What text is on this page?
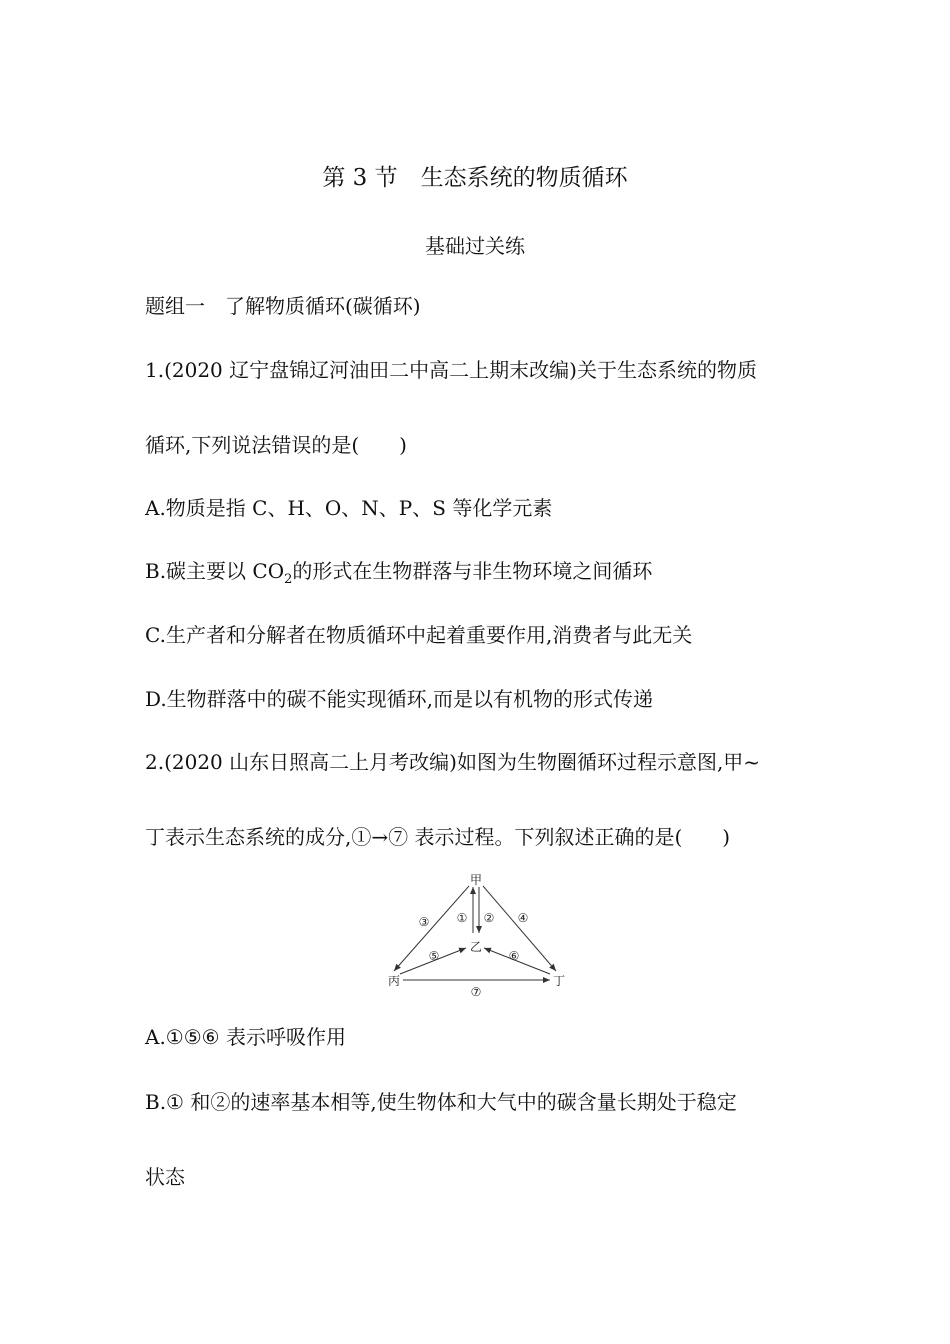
第 3 节　生态系统的物质循环
基础过关练
题组一　了解物质循环(碳循环)
1.(2020 辽宁盘锦辽河油田二中高二上期末改编)关于生态系统的物质
循环,下列说法错误的是(　　)
A.物质是指 C、H、O、N、P、S 等化学元素
B.碳主要以 $CO_2$的形式在生物群落与非生物环境之间循环
C.生产者和分解者在物质循环中起着重要作用,消费者与此无关
D.生物群落中的碳不能实现循环,而是以有机物的形式传递
2.(2020 山东日照高二上月考改编)如图为生物圈循环过程示意图,甲~
丁表示生态系统的成分,①→⑦ 表示过程。下列叙述正确的是(　　)
甲
乙
丙	丁
① ②
③	④
⑤	⑥
⑦
A.①⑤⑥ 表示呼吸作用
B.① 和②的速率基本相等,使生物体和大气中的碳含量长期处于稳定
状态
